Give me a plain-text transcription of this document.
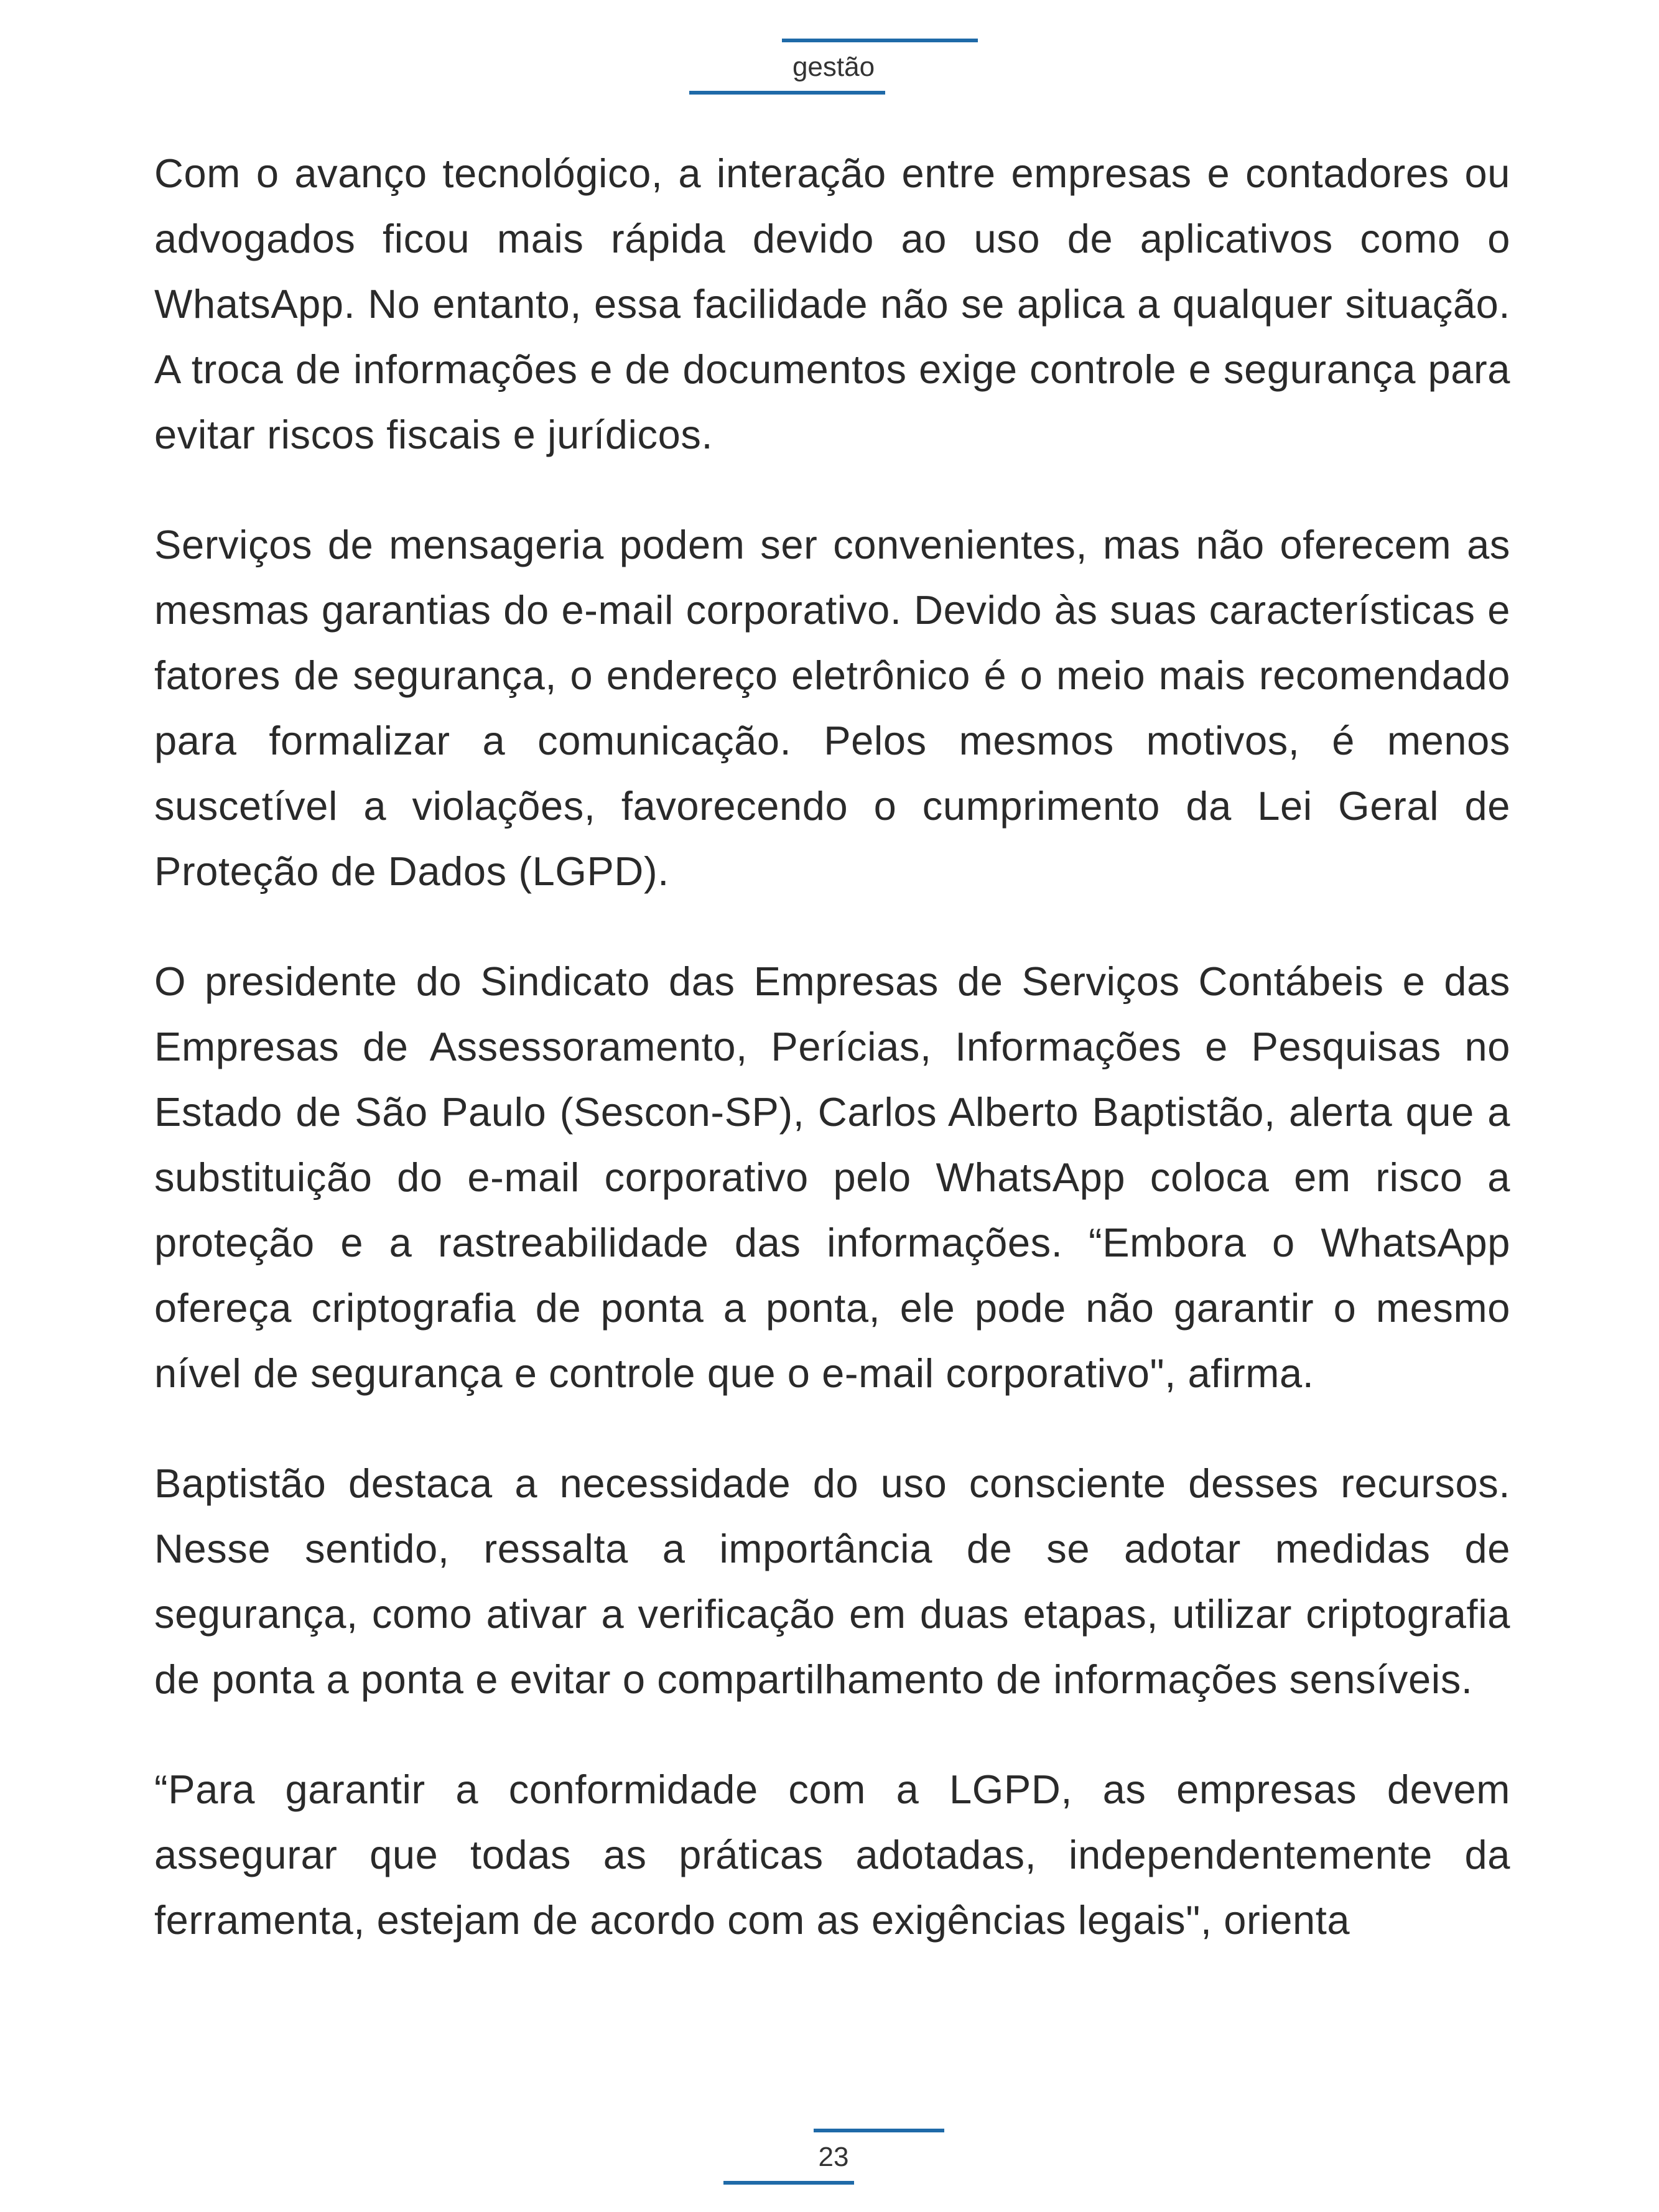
gestão

Com o avanço tecnológico, a interação entre empresas e contadores ou advogados ficou mais rápida devido ao uso de aplicativos como o WhatsApp. No entanto, essa facilidade não se aplica a qualquer situação. A troca de informações e de documentos exige controle e segurança para evitar riscos fiscais e jurídicos.

Serviços de mensageria podem ser convenientes, mas não oferecem as mesmas garantias do e-mail corporativo. Devido às suas características e fatores de segurança, o endereço eletrônico é o meio mais recomendado para formalizar a comunicação. Pelos mesmos motivos, é menos suscetível a violações, favorecendo o cumprimento da Lei Geral de Proteção de Dados (LGPD).

O presidente do Sindicato das Empresas de Serviços Contábeis e das Empresas de Assessoramento, Perícias, Informações e Pesquisas no Estado de São Paulo (Sescon-SP), Carlos Alberto Baptistão, alerta que a substituição do e-mail corporativo pelo WhatsApp coloca em risco a proteção e a rastreabilidade das informações. “Embora o WhatsApp ofereça criptografia de ponta a ponta, ele pode não garantir o mesmo nível de segurança e controle que o e-mail corporativo", afirma.

Baptistão destaca a necessidade do uso consciente desses recursos. Nesse sentido, ressalta a importância de se adotar medidas de segurança, como ativar a verificação em duas etapas, utilizar criptografia de ponta a ponta e evitar o compartilhamento de informações sensíveis.

“Para garantir a conformidade com a LGPD, as empresas devem assegurar que todas as práticas adotadas, independentemente da ferramenta, estejam de acordo com as exigências legais", orienta

23
